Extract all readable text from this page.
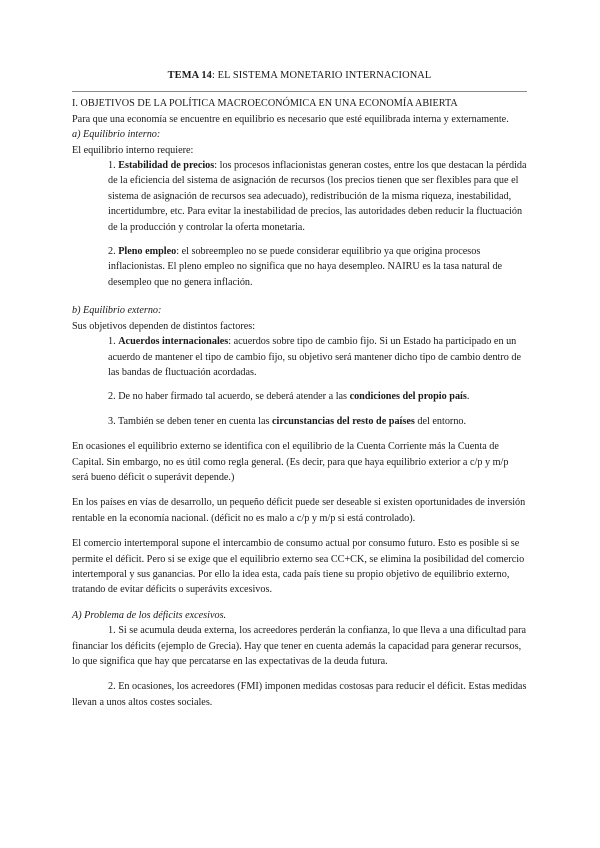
TEMA 14: EL SISTEMA MONETARIO INTERNACIONAL

I. OBJETIVOS DE LA POLÍTICA MACROECONÓMICA EN UNA ECONOMÍA ABIERTA

Para que una economía se encuentre en equilibrio es necesario que esté equilibrada interna y externamente.

a) Equilibrio interno:

El equilibrio interno requiere:

1. Estabilidad de precios: los procesos inflacionistas generan costes, entre los que destacan la pérdida de la eficiencia del sistema de asignación de recursos (los precios tienen que ser flexibles para que el sistema de asignación de recursos sea adecuado), redistribución de la misma riqueza, inestabilidad, incertidumbre, etc. Para evitar la inestabilidad de precios, las autoridades deben reducir la fluctuación de la producción y controlar la oferta monetaria.

2. Pleno empleo: el sobreempleo no se puede considerar equilibrio ya que origina procesos inflacionistas. El pleno empleo no significa que no haya desempleo. NAIRU es la tasa natural de desempleo que no genera inflación.

b) Equilibrio externo:

Sus objetivos dependen de distintos factores:

1. Acuerdos internacionales: acuerdos sobre tipo de cambio fijo. Si un Estado ha participado en un acuerdo de mantener el tipo de cambio fijo, su objetivo será mantener dicho tipo de cambio dentro de las bandas de fluctuación acordadas.

2. De no haber firmado tal acuerdo, se deberá atender a las condiciones del propio país.

3. También se deben tener en cuenta las circunstancias del resto de países del entorno.

En ocasiones el equilibrio externo se identifica con el equilibrio de la Cuenta Corriente más la Cuenta de Capital. Sin embargo, no es útil como regla general. (Es decir, para que haya equilibrio exterior a c/p y m/p será bueno déficit o superávit depende.)

En los países en vías de desarrollo, un pequeño déficit puede ser deseable si existen oportunidades de inversión rentable en la economía nacional. (déficit no es malo a c/p y m/p si está controlado).

El comercio intertemporal supone el intercambio de consumo actual por consumo futuro. Esto es posible si se permite el déficit. Pero si se exige que el equilibrio externo sea CC+CK, se elimina la posibilidad del comercio intertemporal y sus ganancias. Por ello la idea esta, cada país tiene su propio objetivo de equilibrio externo, tratando de evitar déficits o superávits excesivos.

A) Problema de los déficits excesivos.

1. Si se acumula deuda externa, los acreedores perderán la confianza, lo que lleva a una dificultad para financiar los déficits (ejemplo de Grecia). Hay que tener en cuenta además la capacidad para generar recursos, lo que significa que hay que percatarse en las expectativas de la deuda futura.

2. En ocasiones, los acreedores (FMI) imponen medidas costosas para reducir el déficit. Estas medidas llevan a unos altos costes sociales.
